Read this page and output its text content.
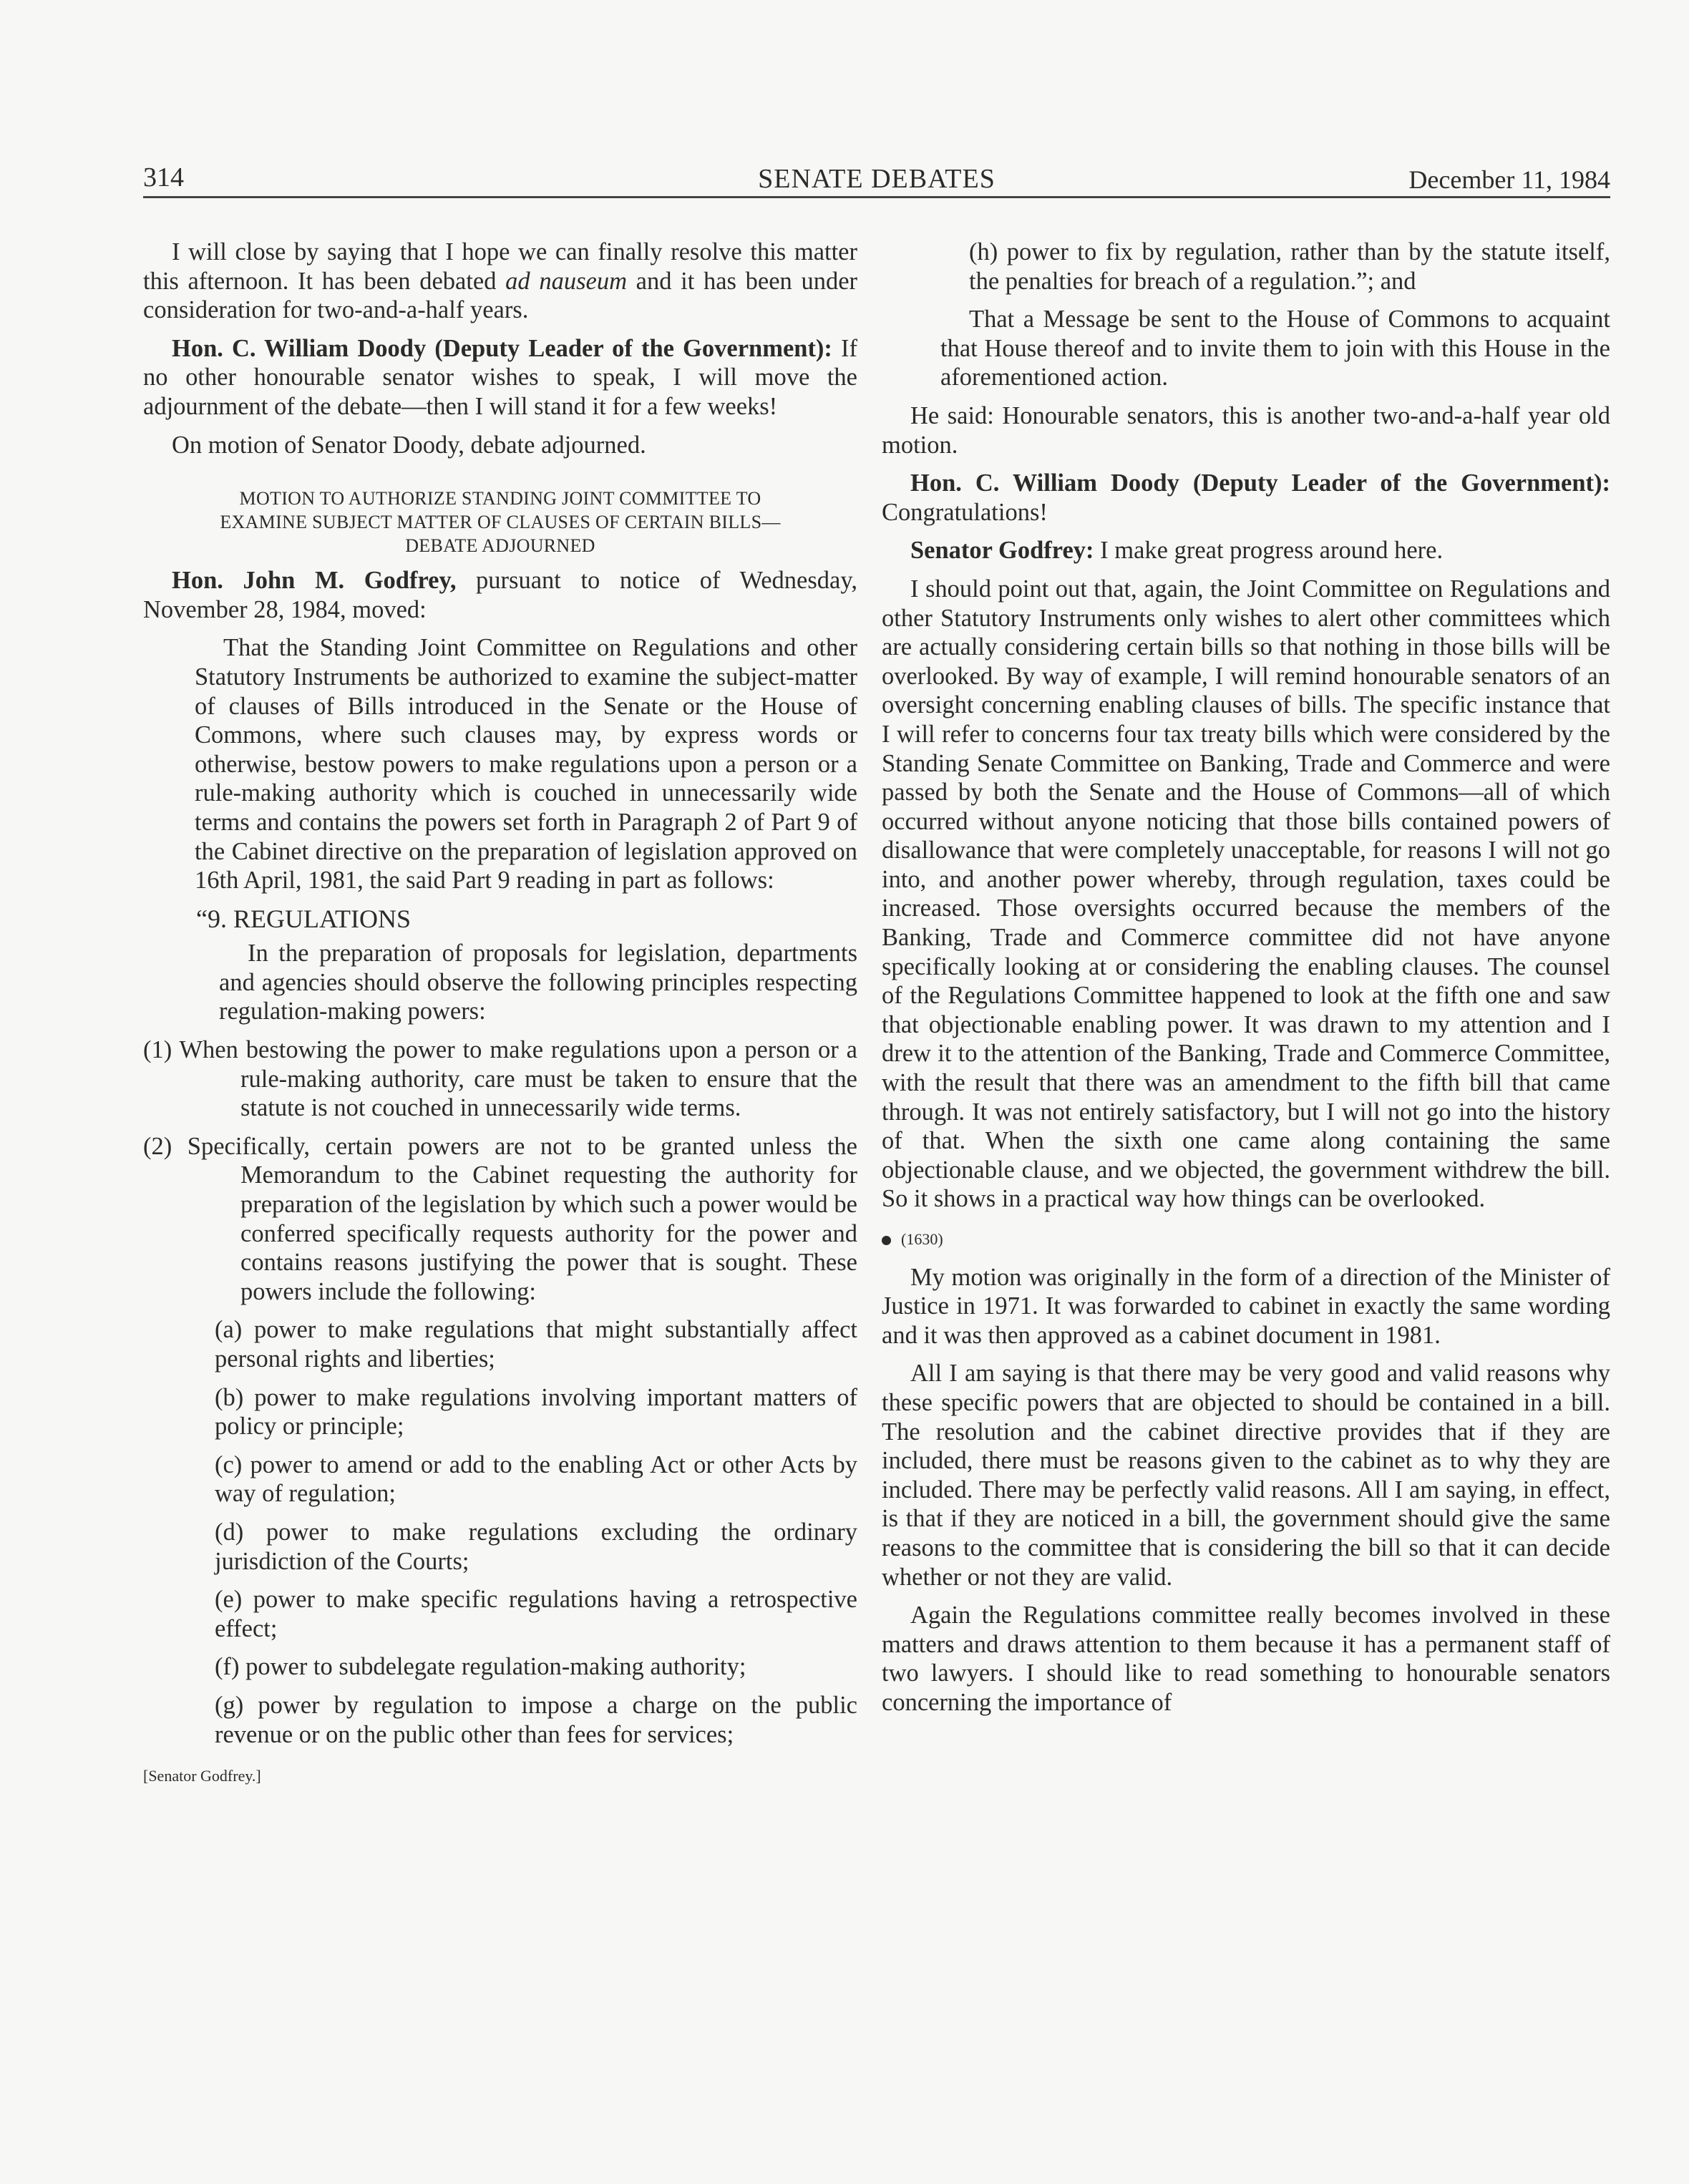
314	SENATE DEBATES	December 11, 1984

I will close by saying that I hope we can finally resolve this matter this afternoon. It has been debated ad nauseum and it has been under consideration for two-and-a-half years.

Hon. C. William Doody (Deputy Leader of the Government): If no other honourable senator wishes to speak, I will move the adjournment of the debate—then I will stand it for a few weeks!

On motion of Senator Doody, debate adjourned.

MOTION TO AUTHORIZE STANDING JOINT COMMITTEE TO
EXAMINE SUBJECT MATTER OF CLAUSES OF CERTAIN BILLS—
DEBATE ADJOURNED

Hon. John M. Godfrey, pursuant to notice of Wednesday, November 28, 1984, moved:

That the Standing Joint Committee on Regulations and other Statutory Instruments be authorized to examine the subject-matter of clauses of Bills introduced in the Senate or the House of Commons, where such clauses may, by express words or otherwise, bestow powers to make regulations upon a person or a rule-making authority which is couched in unnecessarily wide terms and contains the powers set forth in Paragraph 2 of Part 9 of the Cabinet directive on the preparation of legislation approved on 16th April, 1981, the said Part 9 reading in part as follows:

“9. REGULATIONS

In the preparation of proposals for legislation, departments and agencies should observe the following principles respecting regulation-making powers:

(1) When bestowing the power to make regulations upon a person or a rule-making authority, care must be taken to ensure that the statute is not couched in unnecessarily wide terms.

(2) Specifically, certain powers are not to be granted unless the Memorandum to the Cabinet requesting the authority for preparation of the legislation by which such a power would be conferred specifically requests authority for the power and contains reasons justifying the power that is sought. These powers include the following:

(a) power to make regulations that might substantially affect personal rights and liberties;

(b) power to make regulations involving important matters of policy or principle;

(c) power to amend or add to the enabling Act or other Acts by way of regulation;

(d) power to make regulations excluding the ordinary jurisdiction of the Courts;

(e) power to make specific regulations having a retrospective effect;

(f) power to subdelegate regulation-making authority;

(g) power by regulation to impose a charge on the public revenue or on the public other than fees for services;

[Senator Godfrey.]

(h) power to fix by regulation, rather than by the statute itself, the penalties for breach of a regulation.”; and

That a Message be sent to the House of Commons to acquaint that House thereof and to invite them to join with this House in the aforementioned action.

He said: Honourable senators, this is another two-and-a-half year old motion.

Hon. C. William Doody (Deputy Leader of the Government): Congratulations!

Senator Godfrey: I make great progress around here.

I should point out that, again, the Joint Committee on Regulations and other Statutory Instruments only wishes to alert other committees which are actually considering certain bills so that nothing in those bills will be overlooked. By way of example, I will remind honourable senators of an oversight concerning enabling clauses of bills. The specific instance that I will refer to concerns four tax treaty bills which were considered by the Standing Senate Committee on Banking, Trade and Commerce and were passed by both the Senate and the House of Commons—all of which occurred without anyone noticing that those bills contained powers of disallowance that were completely unacceptable, for reasons I will not go into, and another power whereby, through regulation, taxes could be increased. Those oversights occurred because the members of the Banking, Trade and Commerce committee did not have anyone specifically looking at or considering the enabling clauses. The counsel of the Regulations Committee happened to look at the fifth one and saw that objectionable enabling power. It was drawn to my attention and I drew it to the attention of the Banking, Trade and Commerce Committee, with the result that there was an amendment to the fifth bill that came through. It was not entirely satisfactory, but I will not go into the history of that. When the sixth one came along containing the same objectionable clause, and we objected, the government withdrew the bill. So it shows in a practical way how things can be overlooked.

(1630)

My motion was originally in the form of a direction of the Minister of Justice in 1971. It was forwarded to cabinet in exactly the same wording and it was then approved as a cabinet document in 1981.

All I am saying is that there may be very good and valid reasons why these specific powers that are objected to should be contained in a bill. The resolution and the cabinet directive provides that if they are included, there must be reasons given to the cabinet as to why they are included. There may be perfectly valid reasons. All I am saying, in effect, is that if they are noticed in a bill, the government should give the same reasons to the committee that is considering the bill so that it can decide whether or not they are valid.

Again the Regulations committee really becomes involved in these matters and draws attention to them because it has a permanent staff of two lawyers. I should like to read something to honourable senators concerning the importance of
